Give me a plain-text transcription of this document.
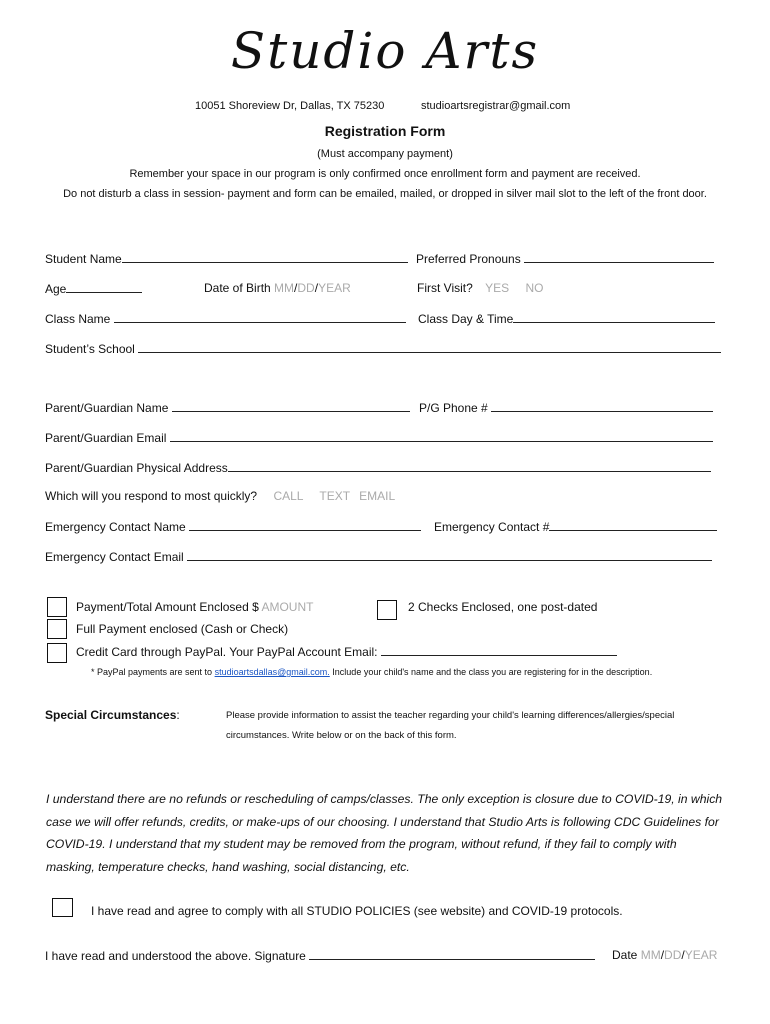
Studio Arts
10051 Shoreview Dr, Dallas, TX 75230	studioartsregistrar@gmail.com
Registration Form
(Must accompany payment)
Remember your space in our program is only confirmed once enrollment form and payment are received.
Do not disturb a class in session- payment and form can be emailed, mailed, or dropped in silver mail slot to the left of the front door.
Student Name	Preferred Pronouns
Age	Date of Birth MM/DD/YEAR	First Visit? YES NO
Class Name	Class Day & Time
Student’s School
Parent/Guardian Name	P/G Phone #
Parent/Guardian Email
Parent/Guardian Physical Address
Which will you respond to most quickly? CALL TEXT EMAIL
Emergency Contact Name	Emergency Contact #
Emergency Contact Email
Payment/Total Amount Enclosed $ AMOUNT	2 Checks Enclosed, one post-dated
Full Payment enclosed (Cash or Check)
Credit Card through PayPal. Your PayPal Account Email:
* PayPal payments are sent to studioartsdallas@gmail.com. Include your child's name and the class you are registering for in the description.
Special Circumstances:	Please provide information to assist the teacher regarding your child's learning differences/allergies/special circumstances. Write below or on the back of this form.
I understand there are no refunds or rescheduling of camps/classes. The only exception is closure due to COVID-19, in which case we will offer refunds, credits, or make-ups of our choosing. I understand that Studio Arts is following CDC Guidelines for COVID-19. I understand that my student may be removed from the program, without refund, if they fail to comply with masking, temperature checks, hand washing, social distancing, etc.
I have read and agree to comply with all STUDIO POLICIES (see website) and COVID-19 protocols.
I have read and understood the above. Signature	Date MM/DD/YEAR
